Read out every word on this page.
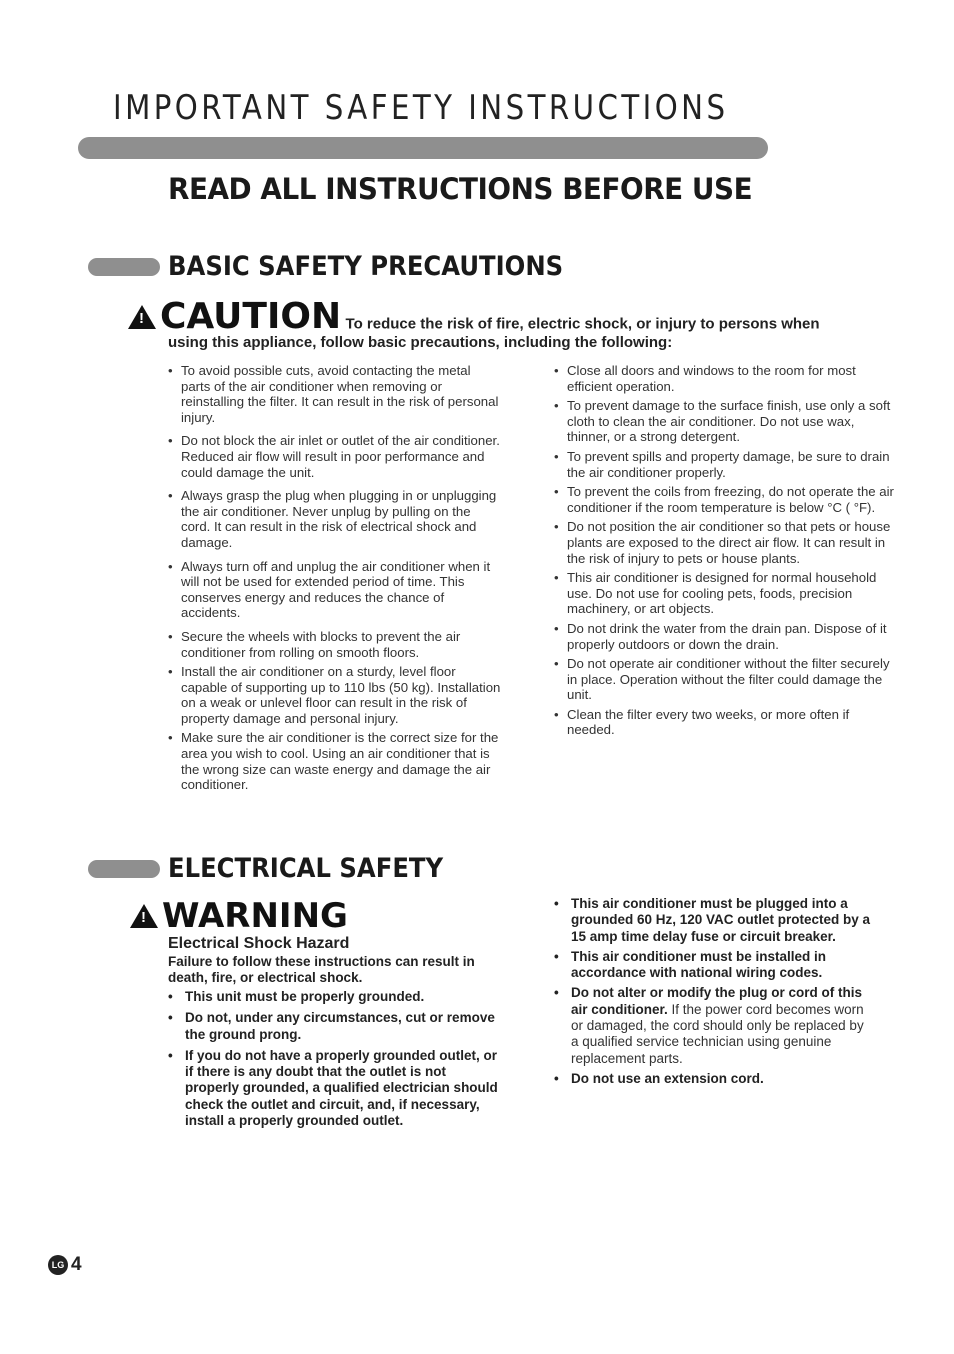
IMPORTANT SAFETY INSTRUCTIONS
READ ALL INSTRUCTIONS BEFORE USE
BASIC SAFETY PRECAUTIONS
!
CAUTION To reduce the risk of fire, electric shock, or injury to persons when
using this appliance, follow basic precautions, including the following:
• To avoid possible cuts, avoid contacting the metal parts of the air conditioner when removing or reinstalling the filter. It can result in the risk of personal injury.
• Do not block the air inlet or outlet of the air conditioner. Reduced air flow will result in poor performance and could damage the unit.
• Always grasp the plug when plugging in or unplugging the air conditioner. Never unplug by pulling on the cord. It can result in the risk of electrical shock and damage.
• Always turn off and unplug the air conditioner when it will not be used for extended period of time. This conserves energy and reduces the chance of accidents.
• Secure the wheels with blocks to prevent the air conditioner from rolling on smooth floors.
• Install the air conditioner on a sturdy, level floor capable of supporting up to 110 lbs (50 kg). Installation on a weak or unlevel floor can result in the risk of property damage and personal injury.
• Make sure the air conditioner is the correct size for the area you wish to cool. Using an air conditioner that is the wrong size can waste energy and damage the air conditioner.
• Close all doors and windows to the room for most efficient operation.
• To prevent damage to the surface finish, use only a soft cloth to clean the air conditioner. Do not use wax, thinner, or a strong detergent.
• To prevent spills and property damage, be sure to drain the air conditioner properly.
• To prevent the coils from freezing, do not operate the air conditioner if the room temperature is below °C ( °F).
• Do not position the air conditioner so that pets or house plants are exposed to the direct air flow. It can result in the risk of injury to pets or house plants.
• This air conditioner is designed for normal household use. Do not use for cooling pets, foods, precision machinery, or art objects.
• Do not drink the water from the drain pan. Dispose of it properly outdoors or down the drain.
• Do not operate air conditioner without the filter securely in place. Operation without the filter could damage the unit.
• Clean the filter every two weeks, or more often if needed.
ELECTRICAL SAFETY
!
WARNING
Electrical Shock Hazard
Failure to follow these instructions can result in death, fire, or electrical shock.
• This unit must be properly grounded.
• Do not, under any circumstances, cut or remove the ground prong.
• If you do not have a properly grounded outlet, or if there is any doubt that the outlet is not properly grounded, a qualified electrician should check the outlet and circuit, and, if necessary, install a properly grounded outlet.
• This air conditioner must be plugged into a grounded 60 Hz, 120 VAC outlet protected by a 15 amp time delay fuse or circuit breaker.
• This air conditioner must be installed in accordance with national wiring codes.
• Do not alter or modify the plug or cord of this air conditioner. If the power cord becomes worn or damaged, the cord should only be replaced by a qualified service technician using genuine replacement parts.
• Do not use an extension cord.
LG 4
